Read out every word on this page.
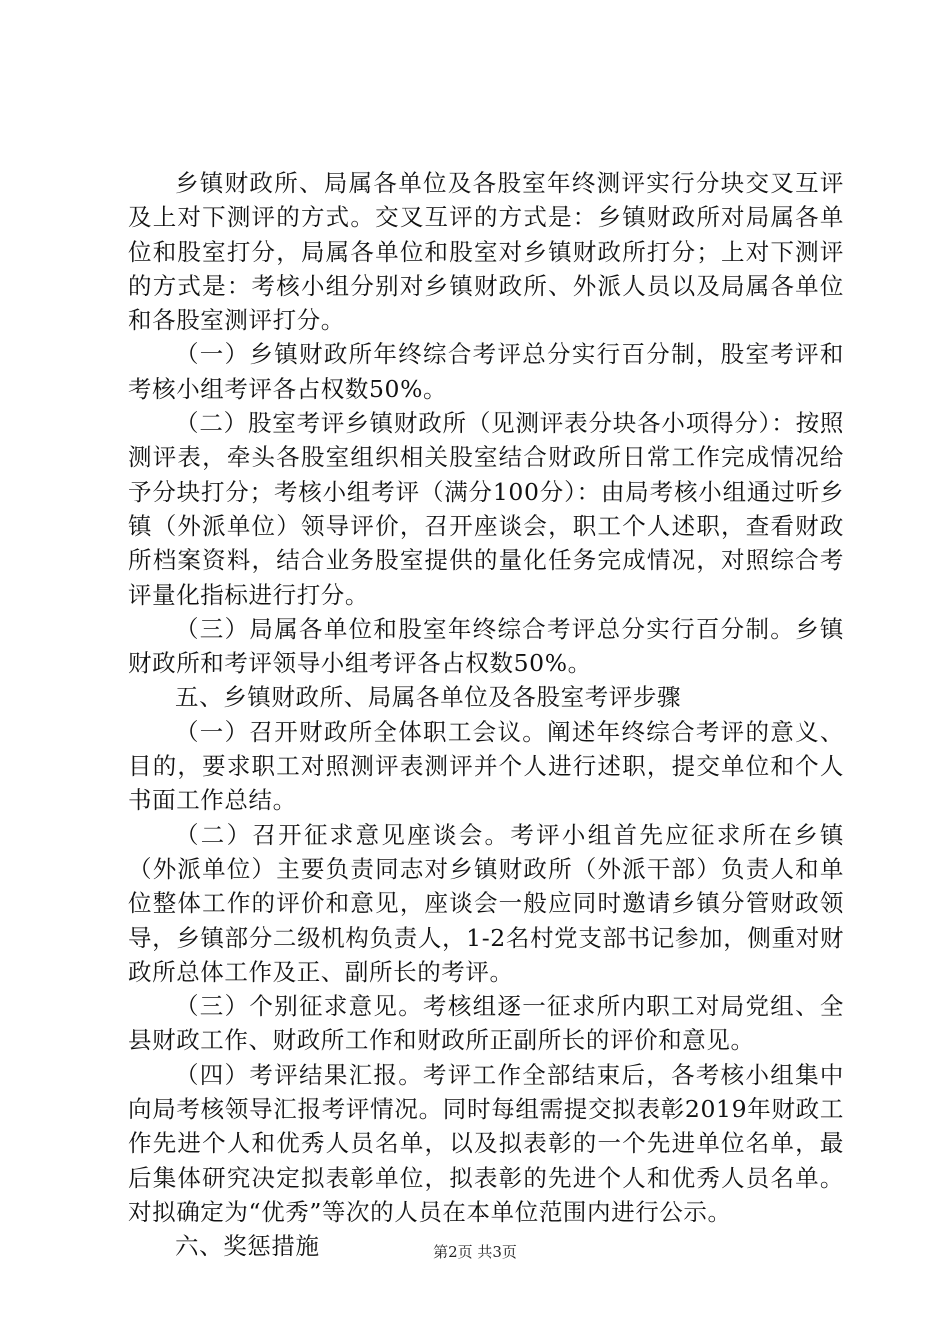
乡镇财政所、局属各单位及各股室年终测评实行分块交叉互评及上对下测评的方式。交叉互评的方式是：乡镇财政所对局属各单位和股室打分，局属各单位和股室对乡镇财政所打分；上对下测评的方式是：考核小组分别对乡镇财政所、外派人员以及局属各单位和各股室测评打分。

（一）乡镇财政所年终综合考评总分实行百分制，股室考评和考核小组考评各占权数50%。

（二）股室考评乡镇财政所（见测评表分块各小项得分）：按照测评表，牵头各股室组织相关股室结合财政所日常工作完成情况给予分块打分；考核小组考评（满分100分）：由局考核小组通过听乡镇（外派单位）领导评价，召开座谈会，职工个人述职，查看财政所档案资料，结合业务股室提供的量化任务完成情况，对照综合考评量化指标进行打分。

（三）局属各单位和股室年终综合考评总分实行百分制。乡镇财政所和考评领导小组考评各占权数50%。

五、乡镇财政所、局属各单位及各股室考评步骤

（一）召开财政所全体职工会议。阐述年终综合考评的意义、目的，要求职工对照测评表测评并个人进行述职，提交单位和个人书面工作总结。

（二）召开征求意见座谈会。考评小组首先应征求所在乡镇（外派单位）主要负责同志对乡镇财政所（外派干部）负责人和单位整体工作的评价和意见，座谈会一般应同时邀请乡镇分管财政领导，乡镇部分二级机构负责人，1-2名村党支部书记参加，侧重对财政所总体工作及正、副所长的考评。

（三）个别征求意见。考核组逐一征求所内职工对局党组、全县财政工作、财政所工作和财政所正副所长的评价和意见。

（四）考评结果汇报。考评工作全部结束后，各考核小组集中向局考核领导汇报考评情况。同时每组需提交拟表彰2019年财政工作先进个人和优秀人员名单，以及拟表彰的一个先进单位名单，最后集体研究决定拟表彰单位，拟表彰的先进个人和优秀人员名单。对拟确定为“优秀”等次的人员在本单位范围内进行公示。

六、奖惩措施	第2页 共3页
